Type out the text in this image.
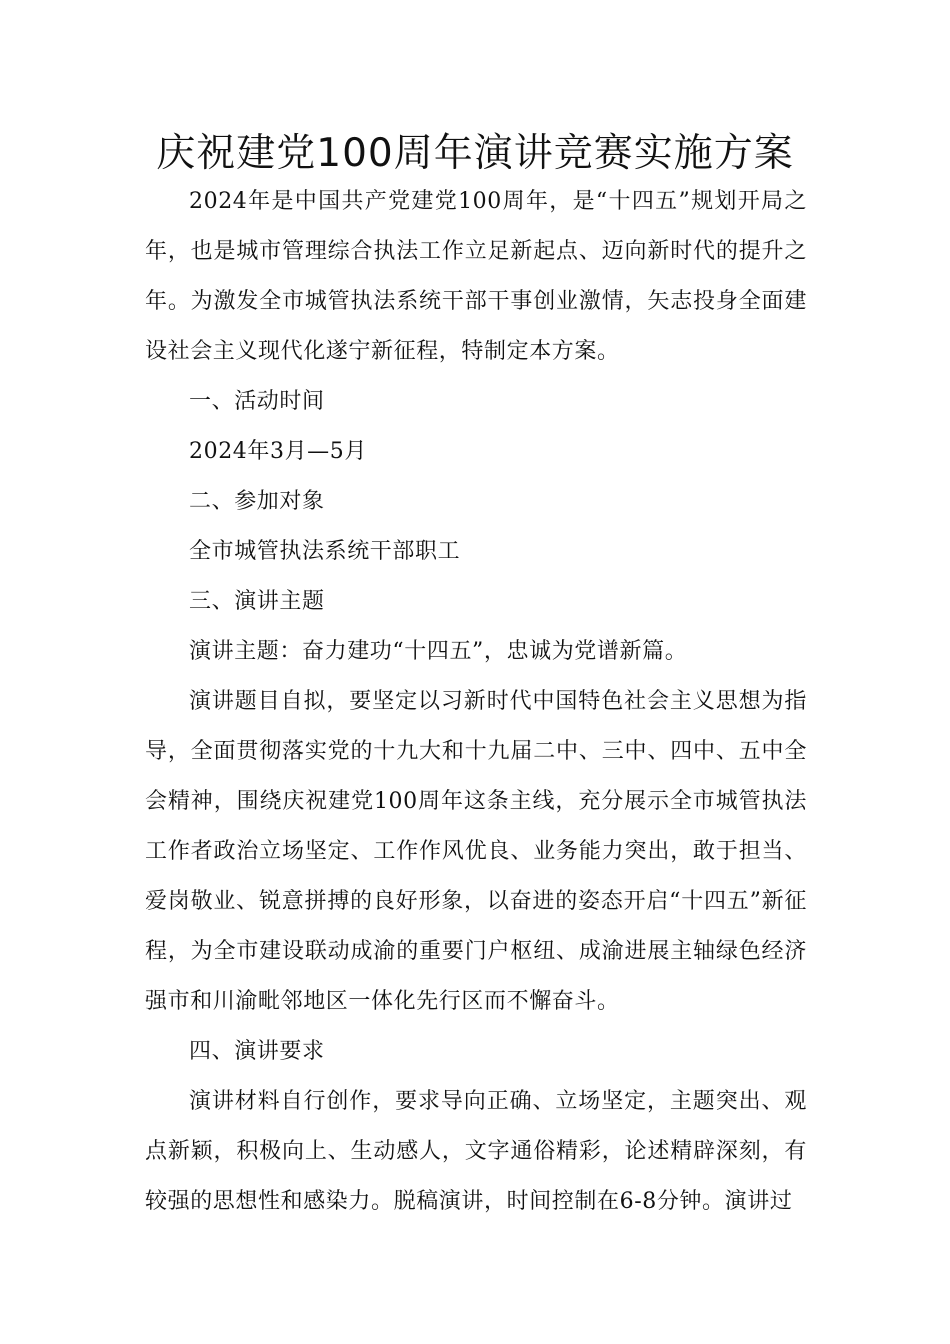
庆祝建党100周年演讲竞赛实施方案

2024年是中国共产党建党100周年，是“十四五”规划开局之年，也是城市管理综合执法工作立足新起点、迈向新时代的提升之年。为激发全市城管执法系统干部干事创业激情，矢志投身全面建设社会主义现代化遂宁新征程，特制定本方案。

一、活动时间

2024年3月—5月

二、参加对象

全市城管执法系统干部职工

三、演讲主题

演讲主题：奋力建功“十四五”，忠诚为党谱新篇。

演讲题目自拟，要坚定以习新时代中国特色社会主义思想为指导，全面贯彻落实党的十九大和十九届二中、三中、四中、五中全会精神，围绕庆祝建党100周年这条主线，充分展示全市城管执法工作者政治立场坚定、工作作风优良、业务能力突出，敢于担当、爱岗敬业、锐意拼搏的良好形象，以奋进的姿态开启“十四五”新征程，为全市建设联动成渝的重要门户枢纽、成渝进展主轴绿色经济强市和川渝毗邻地区一体化先行区而不懈奋斗。

四、演讲要求

演讲材料自行创作，要求导向正确、立场坚定，主题突出、观点新颖，积极向上、生动感人，文字通俗精彩，论述精辟深刻，有较强的思想性和感染力。脱稿演讲，时间控制在6-8分钟。演讲过
